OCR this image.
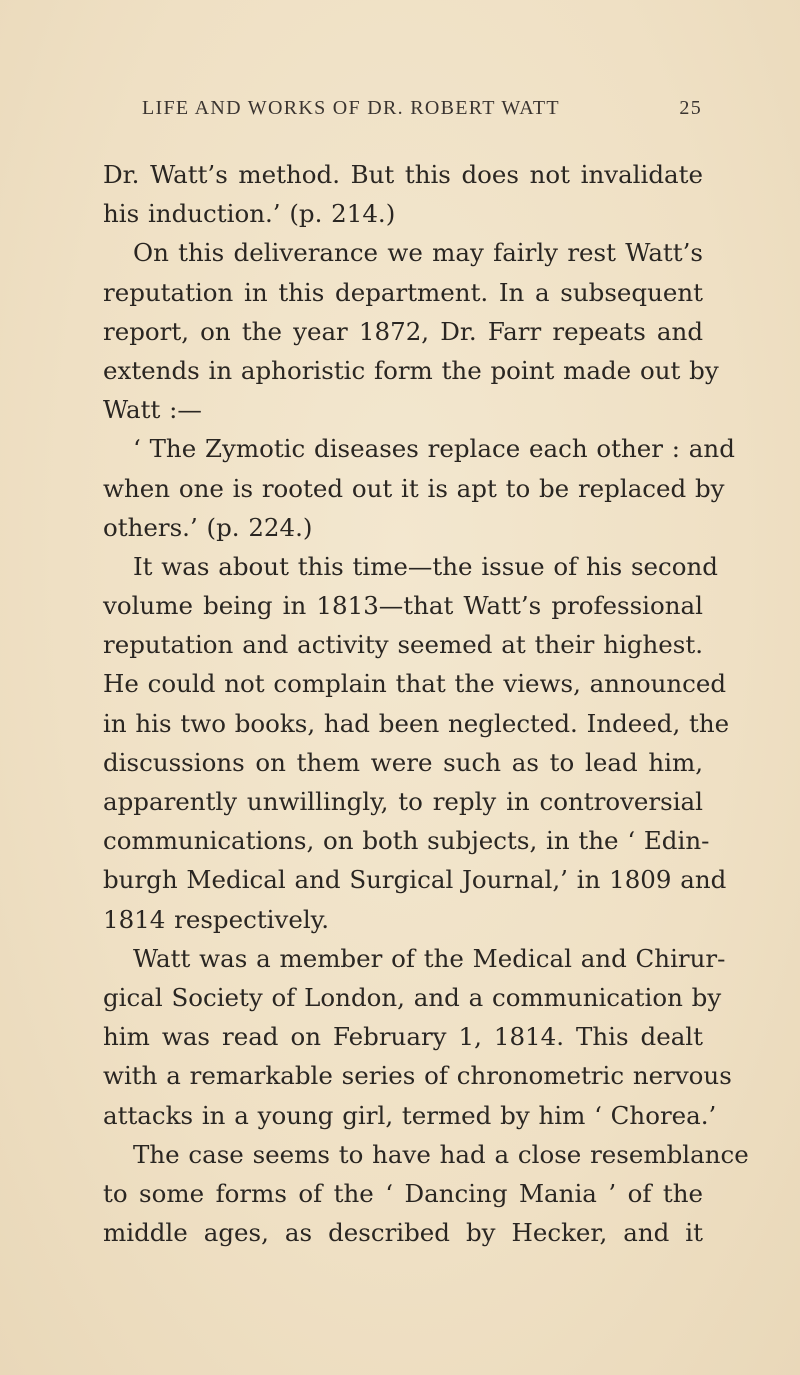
LIFE AND WORKS OF DR. ROBERT WATT	25
Dr. Watt’s method. But this does not invalidate
his induction.’ (p. 214.)
On this deliverance we may fairly rest Watt’s
reputation in this department. In a subsequent
report, on the year 1872, Dr. Farr repeats and
extends in aphoristic form the point made out by
Watt :—
‘ The Zymotic diseases replace each other : and
when one is rooted out it is apt to be replaced by
others.’ (p. 224.)
It was about this time—the issue of his second
volume being in 1813—that Watt’s professional
reputation and activity seemed at their highest.
He could not complain that the views, announced
in his two books, had been neglected. Indeed, the
discussions on them were such as to lead him,
apparently unwillingly, to reply in controversial
communications, on both subjects, in the ‘ Edin-
burgh Medical and Surgical Journal,’ in 1809 and
1814 respectively.
Watt was a member of the Medical and Chirur-
gical Society of London, and a communication by
him was read on February 1, 1814. This dealt
with a remarkable series of chronometric nervous
attacks in a young girl, termed by him ‘ Chorea.’
The case seems to have had a close resemblance
to some forms of the ‘ Dancing Mania ’ of the
middle ages, as described by Hecker, and it
